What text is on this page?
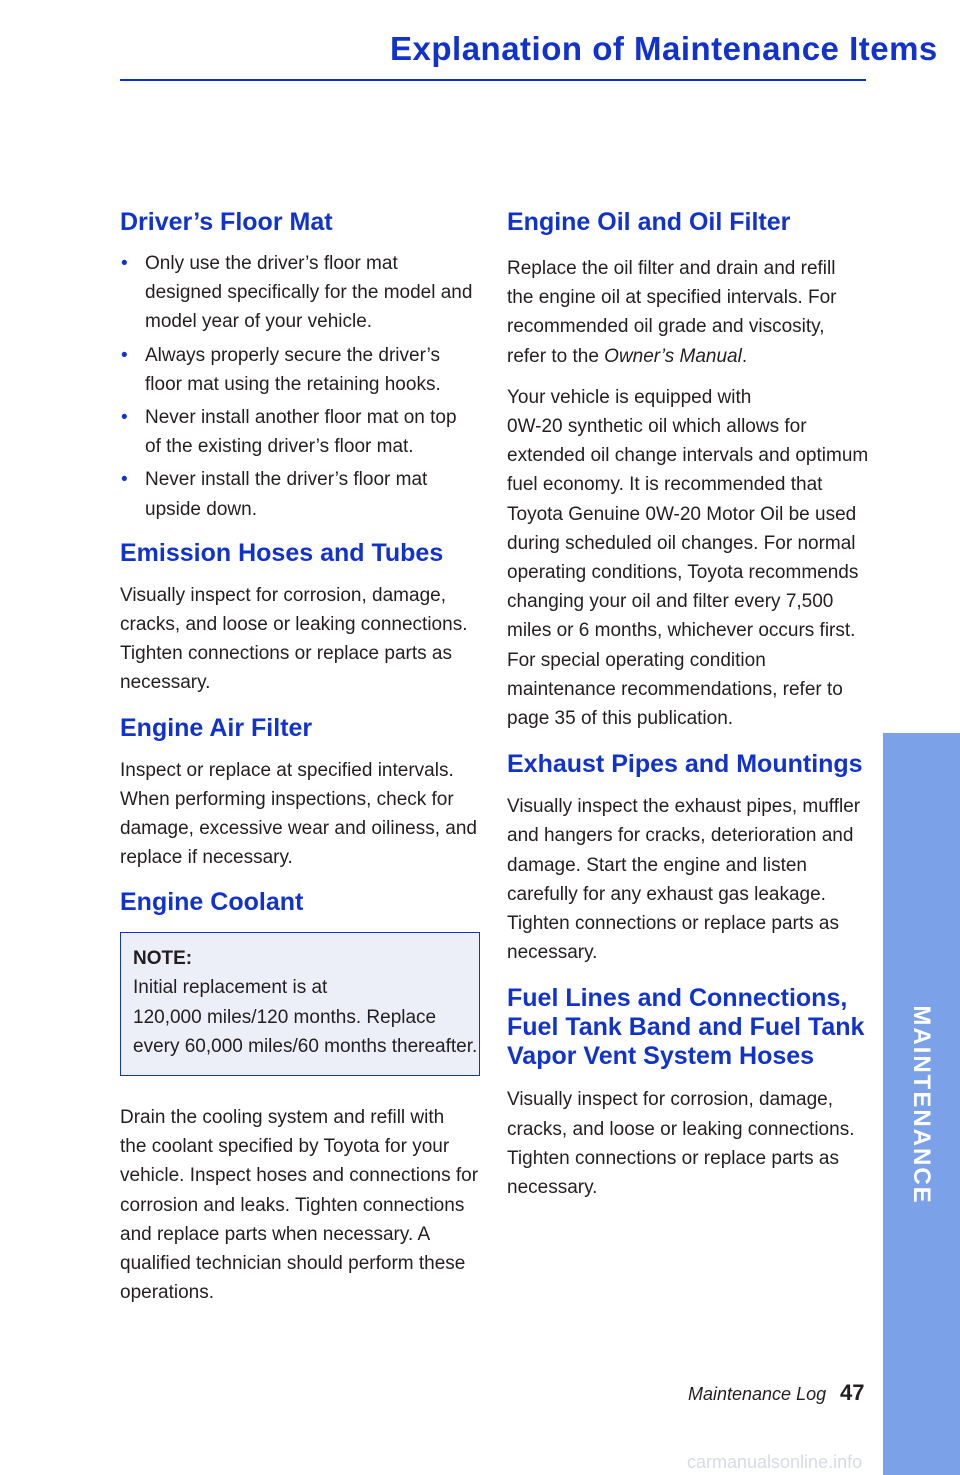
Explanation of Maintenance Items
Driver’s Floor Mat
• Only use the driver’s floor mat
designed specifically for the model and
model year of your vehicle.
• Always properly secure the driver’s
floor mat using the retaining hooks.
• Never install another floor mat on top
of the existing driver’s floor mat.
• Never install the driver’s floor mat
upside down.
Emission Hoses and Tubes

Visually inspect for corrosion, damage,
cracks, and loose or leaking connections.
Tighten connections or replace parts as
necessary.

Engine Air Filter

Inspect or replace at specified intervals.
When performing inspections, check for
damage, excessive wear and oiliness, and
replace if necessary.

Engine Coolant
NOTE:
Initial replacement is at
120,000 miles/120 months. Replace
every 60,000 miles/60 months thereafter.

Drain the cooling system and refill with
the coolant specified by Toyota for your
vehicle. Inspect hoses and connections for
corrosion and leaks. Tighten connections
and replace parts when necessary. A
qualified technician should perform these
operations.

Engine Oil and Oil Filter

Replace the oil filter and drain and refill
the engine oil at specified intervals. For
recommended oil grade and viscosity,
refer to the Owner’s Manual.

Your vehicle is equipped with
0W-20 synthetic oil which allows for
extended oil change intervals and optimum
fuel economy. It is recommended that
Toyota Genuine 0W-20 Motor Oil be used
during scheduled oil changes. For normal
operating conditions, Toyota recommends
changing your oil and filter every 7,500
miles or 6 months, whichever occurs first.
For special operating condition
maintenance recommendations, refer to
page 35 of this publication.

Exhaust Pipes and Mountings

Visually inspect the exhaust pipes, muffler
and hangers for cracks, deterioration and
damage. Start the engine and listen
carefully for any exhaust gas leakage.
Tighten connections or replace parts as
necessary.

Fuel Lines and Connections,
Fuel Tank Band and Fuel Tank
Vapor Vent System Hoses

Visually inspect for corrosion, damage,
cracks, and loose or leaking connections.
Tighten connections or replace parts as
necessary.	MAINTENANCE
Maintenance Log 47
carmanualsonline.info
